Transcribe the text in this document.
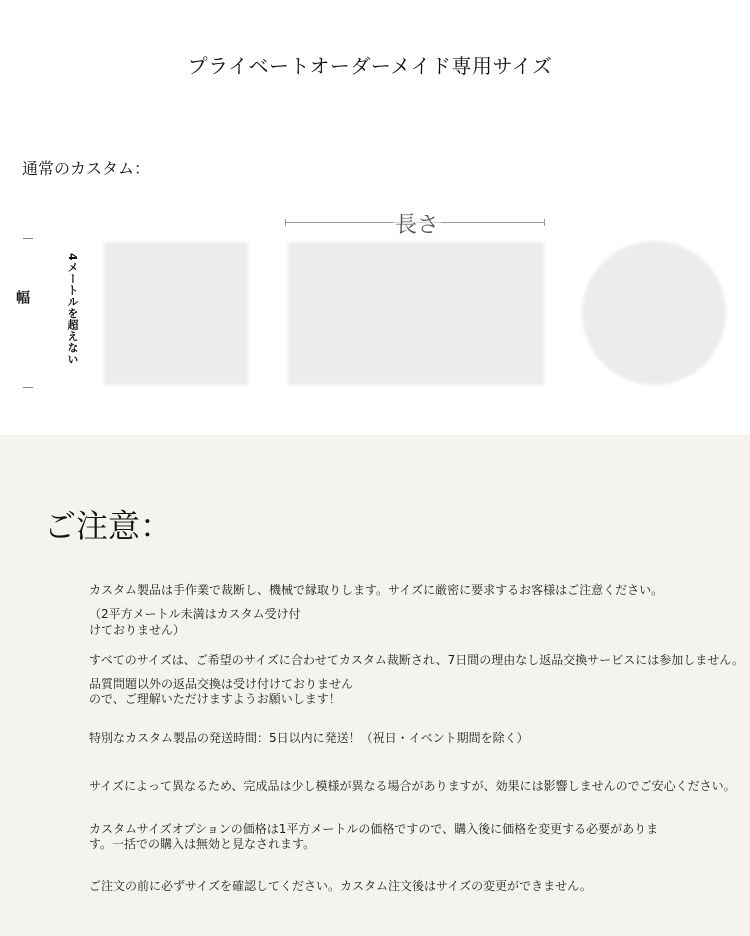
プライベートオーダーメイド専用サイズ
通常のカスタム：
幅	4メートルを超えない
長さ
ご注意：
カスタム製品は手作業で裁断し、機械で縁取りします。サイズに厳密に要求するお客様はご注意ください。
（2平方メートル未満はカスタム受け付
けておりません）
すべてのサイズは、ご希望のサイズに合わせてカスタム裁断され、7日間の理由なし返品交換サービスには参加しません。
品質問題以外の返品交換は受け付けておりません
ので、ご理解いただけますようお願いします！
特別なカスタム製品の発送時間：5日以内に発送！（祝日・イベント期間を除く）
サイズによって異なるため、完成品は少し模様が異なる場合がありますが、効果には影響しませんのでご安心ください。
カスタムサイズオプションの価格は1平方メートルの価格ですので、購入後に価格を変更する必要がありま
す。一括での購入は無効と見なされます。
ご注文の前に必ずサイズを確認してください。カスタム注文後はサイズの変更ができません。
